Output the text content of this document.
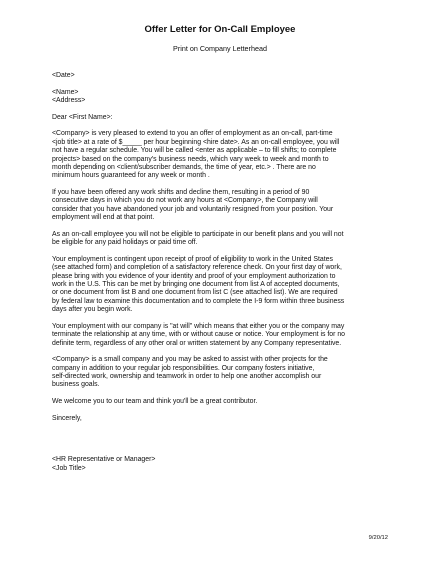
Offer Letter for On-Call Employee
Print on Company Letterhead

<Date>
<Name>
<Address>

Dear <First Name>:

<Company> is very pleased to extend to you an offer of employment as an on-call, part-time
<job title> at a rate of $_____ per hour beginning <hire date>. As an on-call employee, you will
not have a regular schedule. You will be called <enter as applicable – to fill shifts; to complete
projects> based on the company's business needs, which vary week to week and month to
month depending on <client/subscriber demands, the time of year, etc.> . There are no
minimum hours guaranteed for any week or month .

If you have been offered any work shifts and decline them, resulting in a period of 90
consecutive days in which you do not work any hours at <Company>, the Company will
consider that you have abandoned your job and voluntarily resigned from your position. Your
employment will end at that point.

As an on-call employee you will not be eligible to participate in our benefit plans and you will not
be eligible for any paid holidays or paid time off.

Your employment is contingent upon receipt of proof of eligibility to work in the United States
(see attached form) and completion of a satisfactory reference check. On your first day of work,
please bring with you evidence of your identity and proof of your employment authorization to
work in the U.S. This can be met by bringing one document from list A of accepted documents,
or one document from list B and one document from list C (see attached list). We are required
by federal law to examine this documentation and to complete the I-9 form within three business
days after you begin work.

Your employment with our company is "at will" which means that either you or the company may
terminate the relationship at any time, with or without cause or notice. Your employment is for no
definite term, regardless of any other oral or written statement by any Company representative.

<Company> is a small company and you may be asked to assist with other projects for the
company in addition to your regular job responsibilities. Our company fosters initiative,
self-directed work, ownership and teamwork in order to help one another accomplish our
business goals.

We welcome you to our team and think you'll be a great contributor.

Sincerely,

<HR Representative or Manager>
<Job Title>

9/20/12
